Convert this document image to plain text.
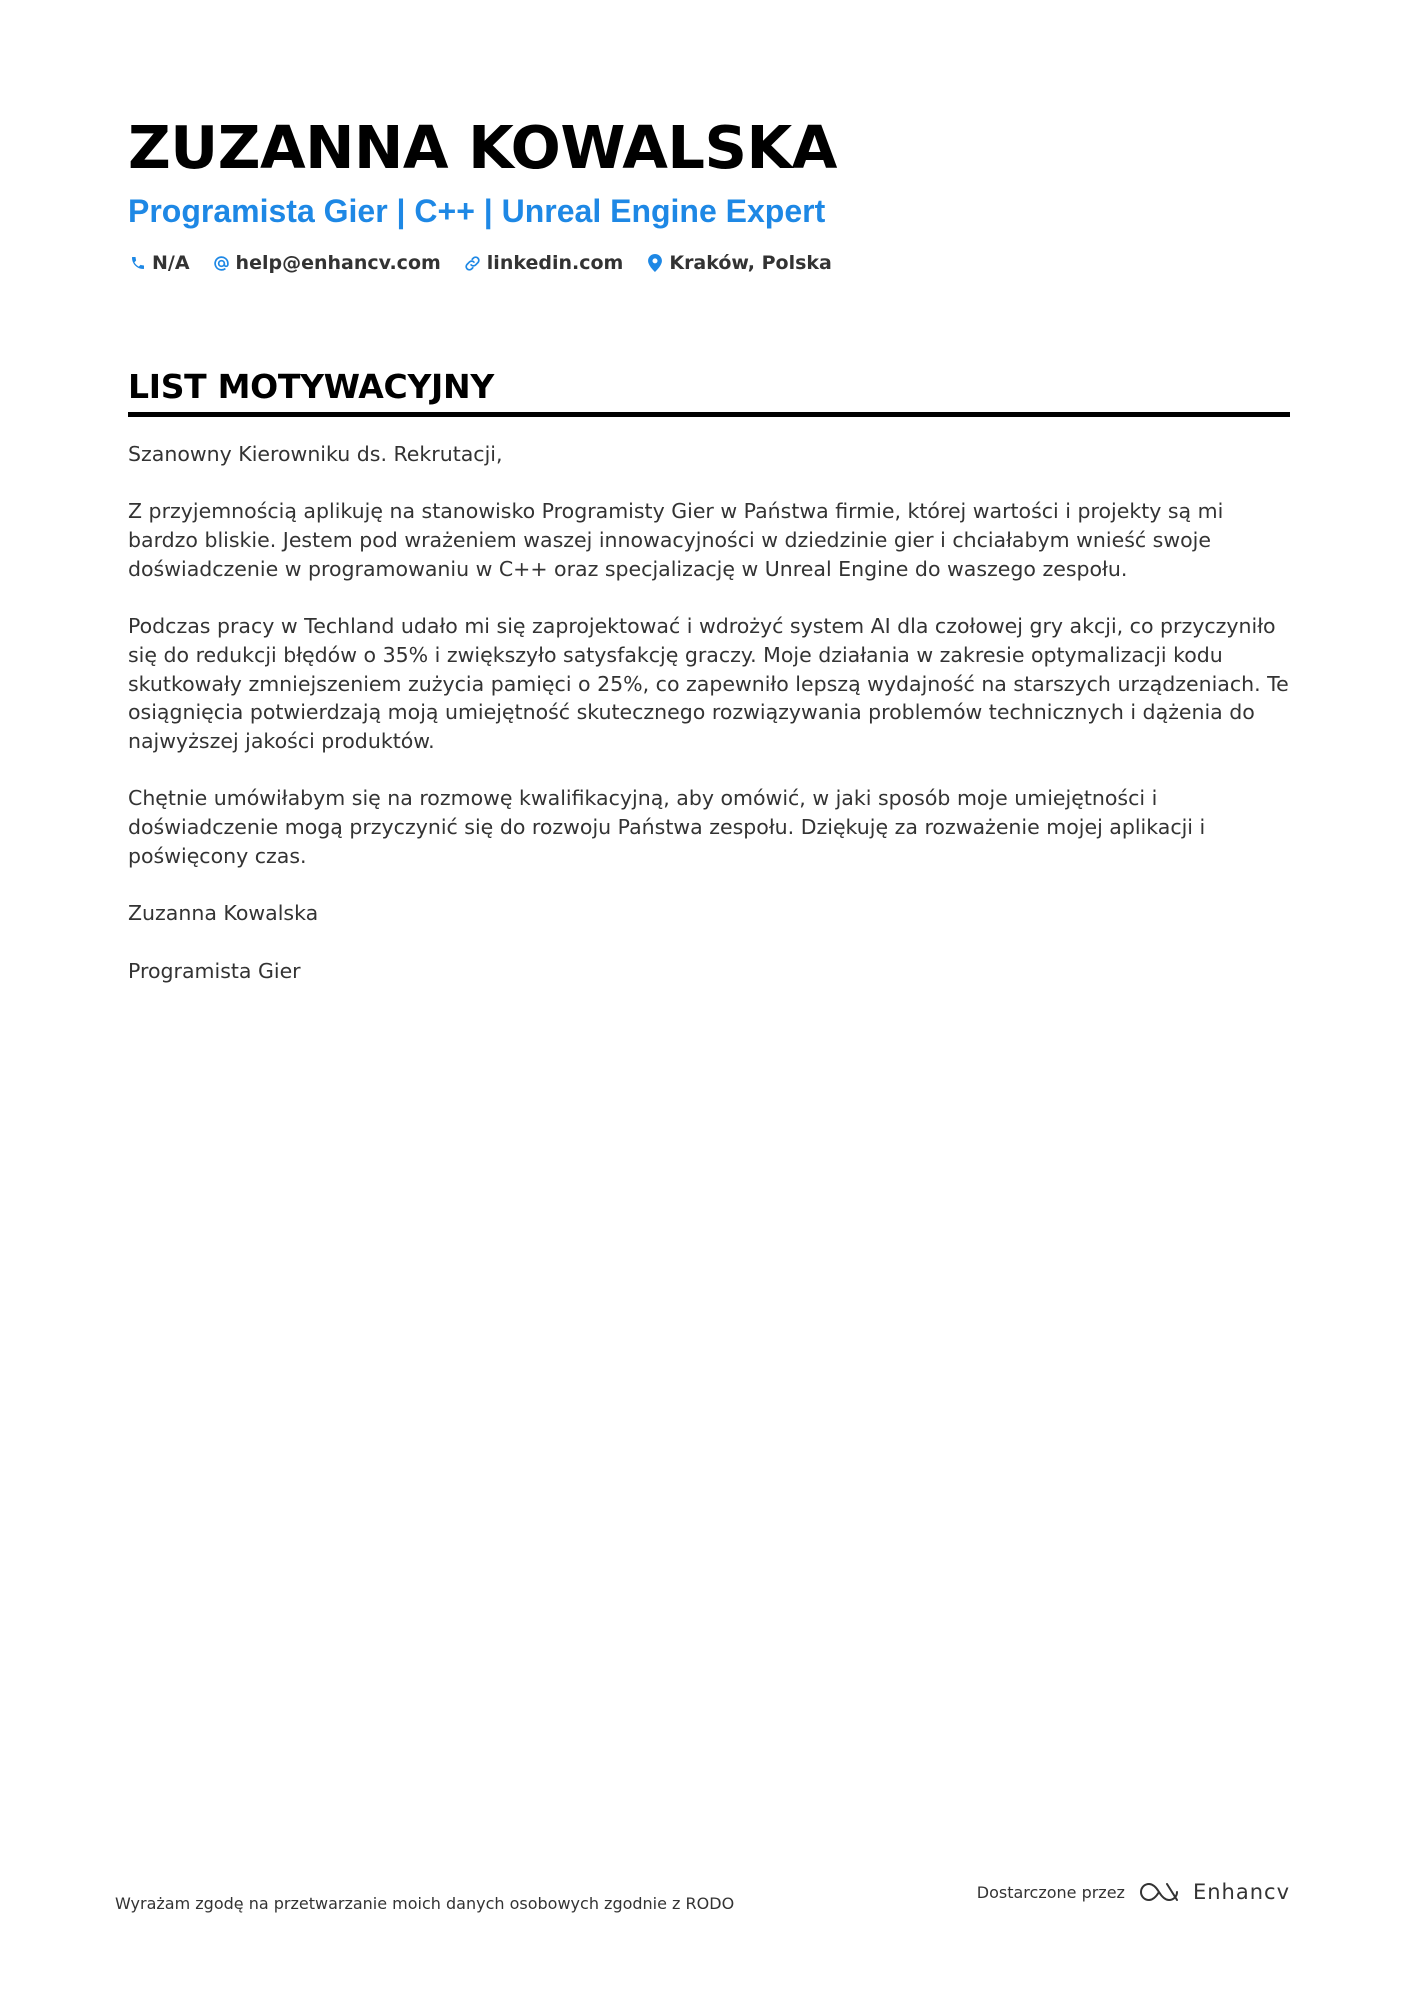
ZUZANNA KOWALSKA
Programista Gier | C++ | Unreal Engine Expert
N/A help@enhancv.com linkedin.com Kraków, Polska
LIST MOTYWACYJNY

Szanowny Kierowniku ds. Rekrutacji,

Z przyjemnością aplikuję na stanowisko Programisty Gier w Państwa firmie, której wartości i projekty są mi bardzo bliskie. Jestem pod wrażeniem waszej innowacyjności w dziedzinie gier i chciałabym wnieść swoje doświadczenie w programowaniu w C++ oraz specjalizację w Unreal Engine do waszego zespołu.

Podczas pracy w Techland udało mi się zaprojektować i wdrożyć system AI dla czołowej gry akcji, co przyczyniło się do redukcji błędów o 35% i zwiększyło satysfakcję graczy. Moje działania w zakresie optymalizacji kodu skutkowały zmniejszeniem zużycia pamięci o 25%, co zapewniło lepszą wydajność na starszych urządzeniach. Te osiągnięcia potwierdzają moją umiejętność skutecznego rozwiązywania problemów technicznych i dążenia do najwyższej jakości produktów.

Chętnie umówiłabym się na rozmowę kwalifikacyjną, aby omówić, w jaki sposób moje umiejętności i doświadczenie mogą przyczynić się do rozwoju Państwa zespołu. Dziękuję za rozważenie mojej aplikacji i poświęcony czas.

Zuzanna Kowalska

Programista Gier

Wyrażam zgodę na przetwarzanie moich danych osobowych zgodnie z RODO
Dostarczone przez	Enhancv
